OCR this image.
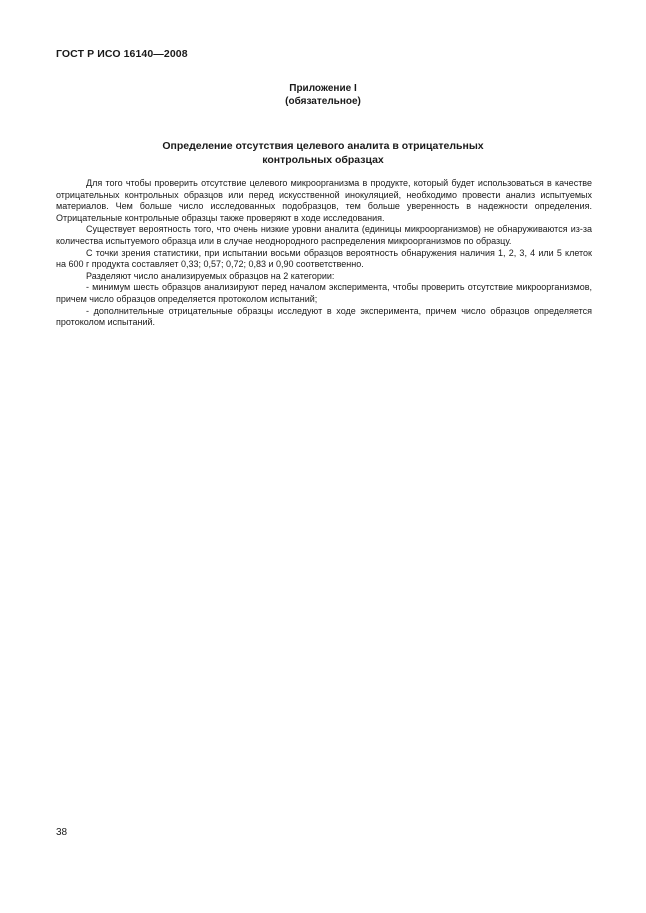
ГОСТ Р ИСО 16140—2008
Приложение I
(обязательное)
Определение отсутствия целевого аналита в отрицательных
контрольных образцах

Для того чтобы проверить отсутствие целевого микроорганизма в продукте, который будет использоваться в качестве отрицательных контрольных образцов или перед искусственной инокуляцией, необходимо провести анализ испытуемых материалов. Чем больше число исследованных подобразцов, тем больше уверенность в надежности определения. Отрицательные контрольные образцы также проверяют в ходе исследования.

Существует вероятность того, что очень низкие уровни аналита (единицы микроорганизмов) не обнаруживаются из-за количества испытуемого образца или в случае неоднородного распределения микроорганизмов по образцу.

С точки зрения статистики, при испытании восьми образцов вероятность обнаружения наличия 1, 2, 3, 4 или 5 клеток на 600 г продукта составляет 0,33; 0,57; 0,72; 0,83 и 0,90 соответственно.

Разделяют число анализируемых образцов на 2 категории:

- минимум шесть образцов анализируют перед началом эксперимента, чтобы проверить отсутствие микроорганизмов, причем число образцов определяется протоколом испытаний;

- дополнительные отрицательные образцы исследуют в ходе эксперимента, причем число образцов определяется протоколом испытаний.

38
